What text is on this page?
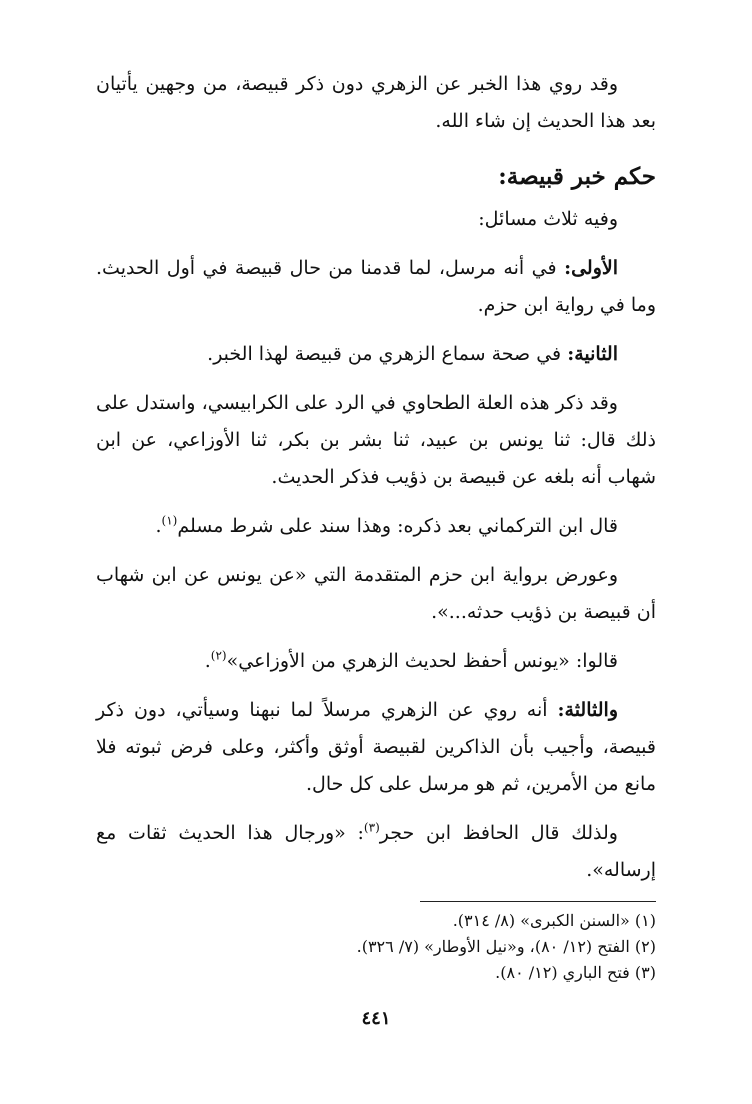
وقد روي هذا الخبر عن الزهري دون ذكر قبيصة، من وجهين يأتيان بعد هذا الحديث إن شاء الله.

حكم خبر قبيصة:

وفيه ثلاث مسائل:

الأولى: في أنه مرسل، لما قدمنا من حال قبيصة في أول الحديث. وما في رواية ابن حزم.

الثانية: في صحة سماع الزهري من قبيصة لهذا الخبر.

وقد ذكر هذه العلة الطحاوي في الرد على الكرابيسي، واستدل على ذلك قال: ثنا يونس بن عبيد، ثنا بشر بن بكر، ثنا الأوزاعي، عن ابن شهاب أنه بلغه عن قبيصة بن ذؤيب فذكر الحديث.

قال ابن التركماني بعد ذكره: وهذا سند على شرط مسلم$^{(١)}$.

وعورض برواية ابن حزم المتقدمة التي «عن يونس عن ابن شهاب أن قبيصة بن ذؤيب حدثه...».

قالوا: «يونس أحفظ لحديث الزهري من الأوزاعي»$^{(٢)}$.

والثالثة: أنه روي عن الزهري مرسلاً لما نبهنا وسيأتي، دون ذكر قبيصة، وأجيب بأن الذاكرين لقبيصة أوثق وأكثر، وعلى فرض ثبوته فلا مانع من الأمرين، ثم هو مرسل على كل حال.

ولذلك قال الحافظ ابن حجر$^{(٣)}$: «ورجال هذا الحديث ثقات مع إرساله».

(١) «السنن الكبرى» (٨/ ٣١٤).

(٢) الفتح (١٢/ ٨٠)، و«نيل الأوطار» (٧/ ٣٢٦).

(٣) فتح الباري (١٢/ ٨٠).

٤٤١
